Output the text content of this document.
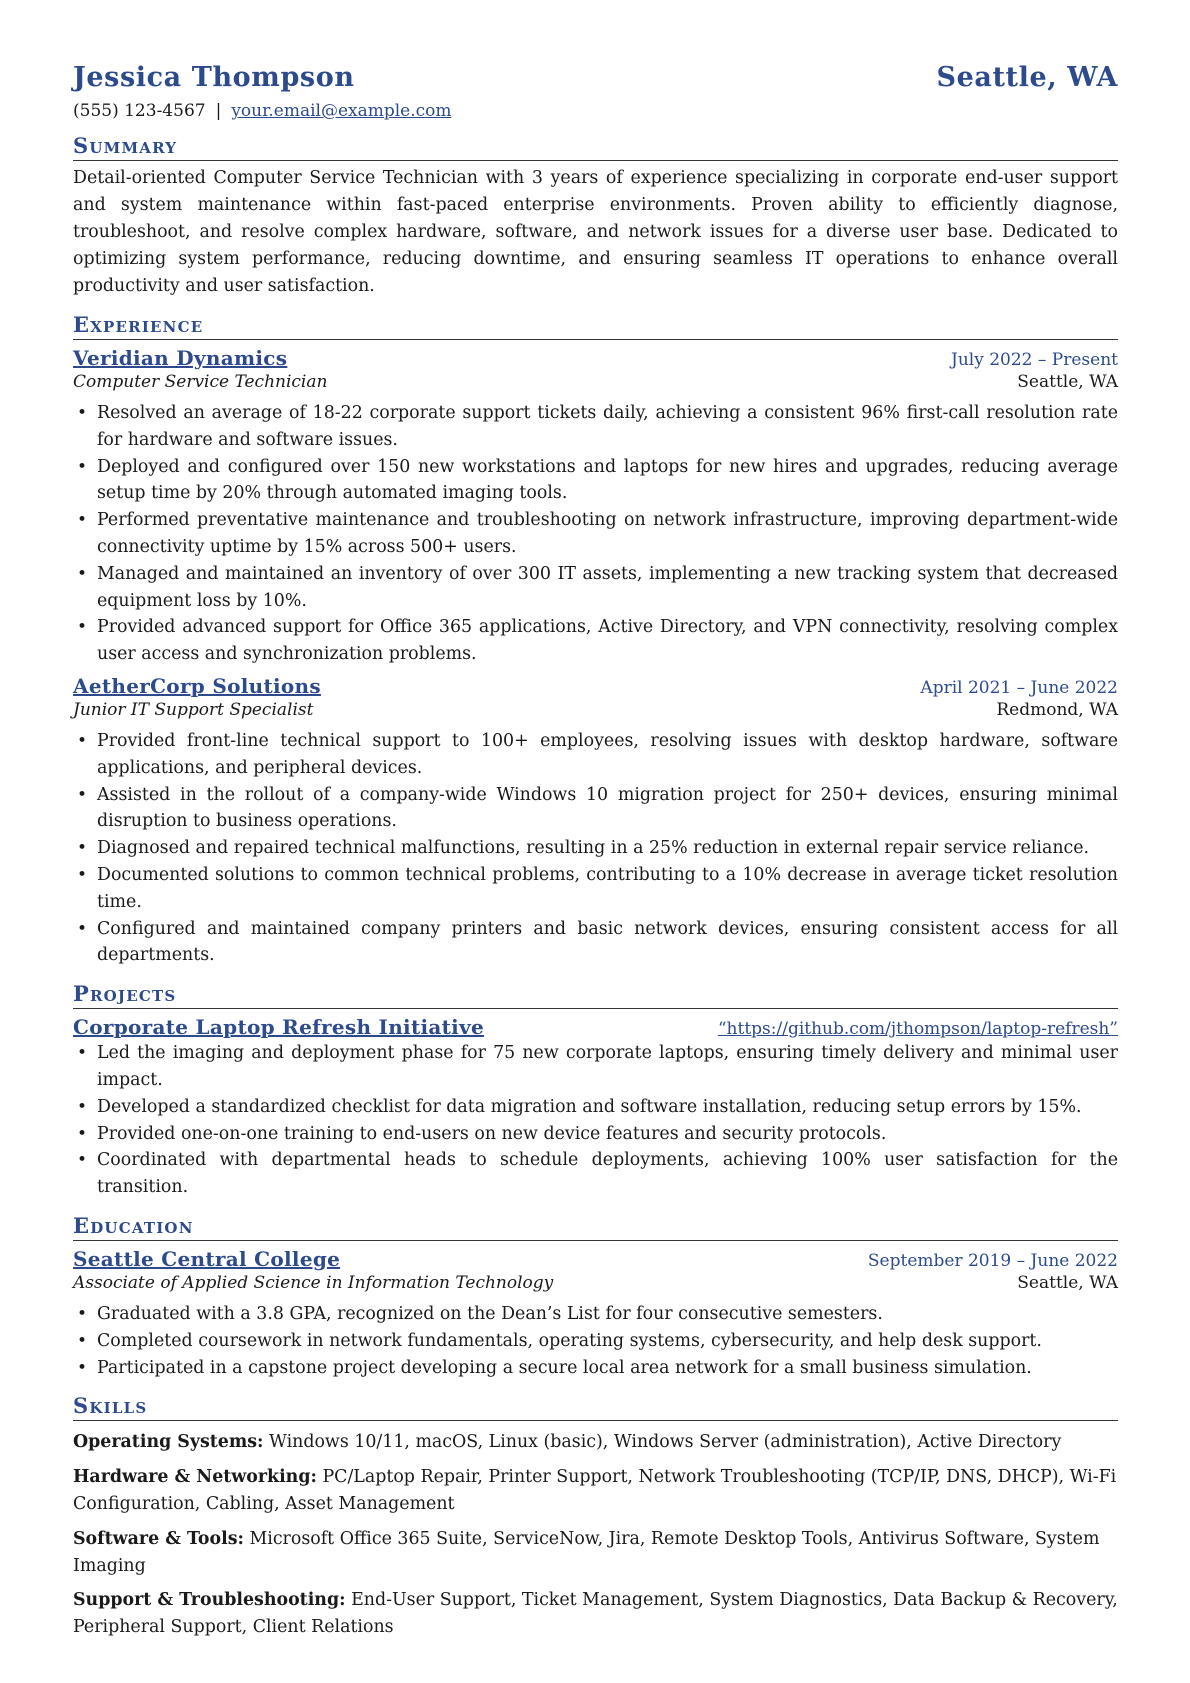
Jessica Thompson	Seattle, WA
(555) 123-4567 | your.email@example.com
Summary
Detail-oriented Computer Service Technician with 3 years of experience specializing in corporate end-user support and system maintenance within fast-paced enterprise environments. Proven ability to efficiently diagnose, troubleshoot, and resolve complex hardware, software, and network issues for a diverse user base. Dedicated to optimizing system performance, reducing downtime, and ensuring seamless IT operations to enhance overall productivity and user satisfaction.
Experience
Veridian Dynamics	July 2022 – Present
Computer Service Technician	Seattle, WA
• Resolved an average of 18-22 corporate support tickets daily, achieving a consistent 96% first-call resolution rate for hardware and software issues.
• Deployed and configured over 150 new workstations and laptops for new hires and upgrades, reducing average setup time by 20% through automated imaging tools.
• Performed preventative maintenance and troubleshooting on network infrastructure, improving department-wide connectivity uptime by 15% across 500+ users.
• Managed and maintained an inventory of over 300 IT assets, implementing a new tracking system that decreased equipment loss by 10%.
• Provided advanced support for Office 365 applications, Active Directory, and VPN connectivity, resolving complex user access and synchronization problems.
AetherCorp Solutions	April 2021 – June 2022
Junior IT Support Specialist	Redmond, WA
• Provided front-line technical support to 100+ employees, resolving issues with desktop hardware, software applications, and peripheral devices.
• Assisted in the rollout of a company-wide Windows 10 migration project for 250+ devices, ensuring minimal disruption to business operations.
• Diagnosed and repaired technical malfunctions, resulting in a 25% reduction in external repair service reliance.
• Documented solutions to common technical problems, contributing to a 10% decrease in average ticket resolution time.
• Configured and maintained company printers and basic network devices, ensuring consistent access for all departments.
Projects
Corporate Laptop Refresh Initiative	“https://github.com/jthompson/laptop-refresh”
• Led the imaging and deployment phase for 75 new corporate laptops, ensuring timely delivery and minimal user impact.
• Developed a standardized checklist for data migration and software installation, reducing setup errors by 15%.
• Provided one-on-one training to end-users on new device features and security protocols.
• Coordinated with departmental heads to schedule deployments, achieving 100% user satisfaction for the transition.
Education
Seattle Central College	September 2019 – June 2022
Associate of Applied Science in Information Technology	Seattle, WA
• Graduated with a 3.8 GPA, recognized on the Dean’s List for four consecutive semesters.
• Completed coursework in network fundamentals, operating systems, cybersecurity, and help desk support.
• Participated in a capstone project developing a secure local area network for a small business simulation.
Skills
Operating Systems: Windows 10/11, macOS, Linux (basic), Windows Server (administration), Active Directory
Hardware & Networking: PC/Laptop Repair, Printer Support, Network Troubleshooting (TCP/IP, DNS, DHCP), Wi-Fi Configuration, Cabling, Asset Management
Software & Tools: Microsoft Office 365 Suite, ServiceNow, Jira, Remote Desktop Tools, Antivirus Software, System Imaging
Support & Troubleshooting: End-User Support, Ticket Management, System Diagnostics, Data Backup & Recovery, Peripheral Support, Client Relations
